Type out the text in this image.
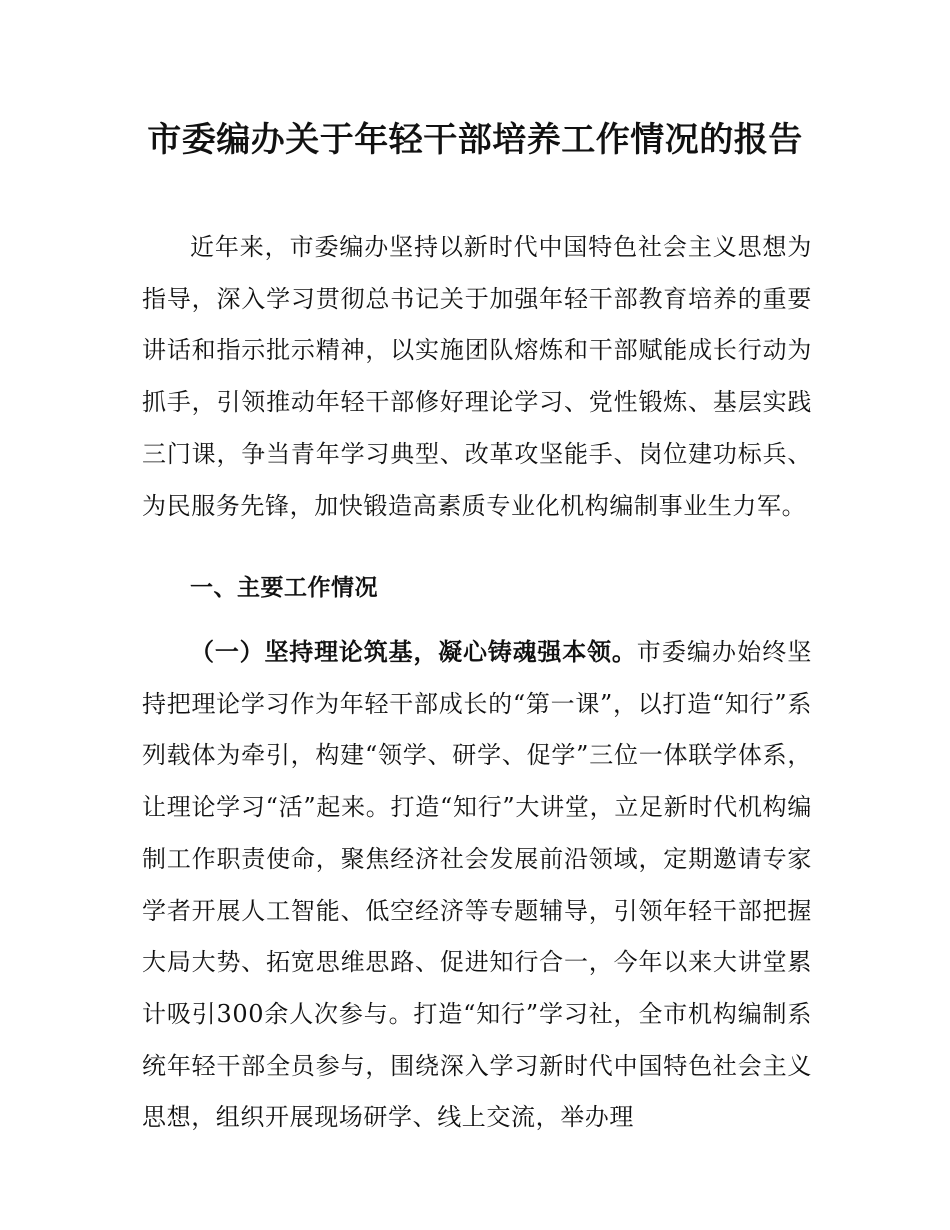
市委编办关于年轻干部培养工作情况的报告

近年来，市委编办坚持以新时代中国特色社会主义思想为指导，深入学习贯彻总书记关于加强年轻干部教育培养的重要讲话和指示批示精神，以实施团队熔炼和干部赋能成长行动为抓手，引领推动年轻干部修好理论学习、党性锻炼、基层实践三门课，争当青年学习典型、改革攻坚能手、岗位建功标兵、为民服务先锋，加快锻造高素质专业化机构编制事业生力军。

一、主要工作情况

（一）坚持理论筑基，凝心铸魂强本领。市委编办始终坚持把理论学习作为年轻干部成长的“第一课”，以打造“知行”系列载体为牵引，构建“领学、研学、促学”三位一体联学体系，让理论学习“活”起来。打造“知行”大讲堂，立足新时代机构编制工作职责使命，聚焦经济社会发展前沿领域，定期邀请专家学者开展人工智能、低空经济等专题辅导，引领年轻干部把握大局大势、拓宽思维思路、促进知行合一，今年以来大讲堂累计吸引300余人次参与。打造“知行”学习社，全市机构编制系统年轻干部全员参与，围绕深入学习新时代中国特色社会主义思想，组织开展现场研学、线上交流，举办理
